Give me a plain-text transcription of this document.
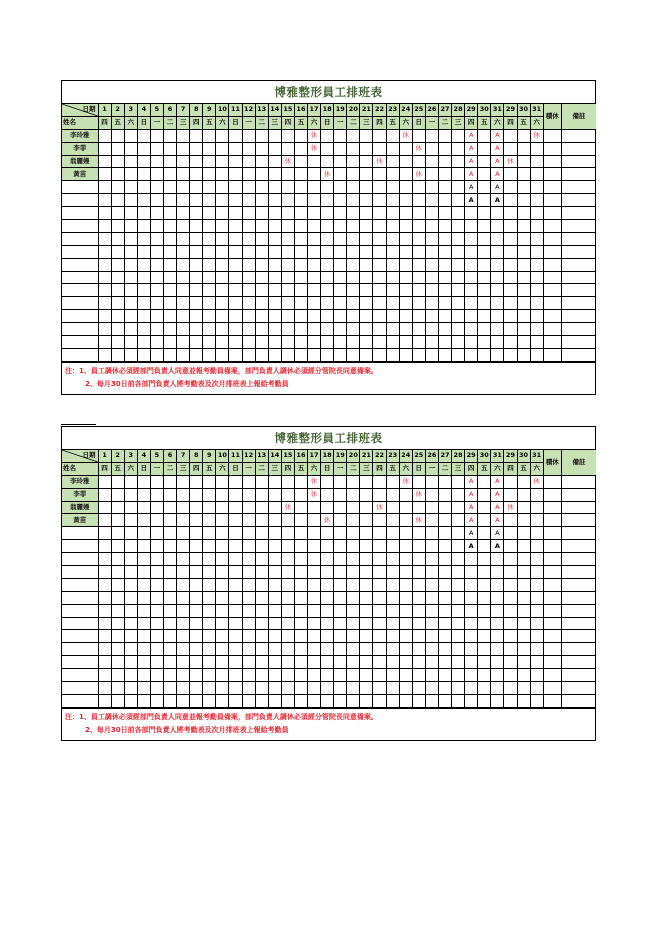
博雅整形員工排班表
日期	1	2	3	4	5	6	7	8	9	10	11	12	13	14	15	16	17	18	19	20	21	22	23	24	25	26	27	28	29	30	31	29	30	31	積休	備註
姓名	四	五	六	日	一	二	三	四	五	六	日	一	二	三	四	五	六	日	一	二	三	四	五	六	日	一	二	三	四	五	六	四	五	六		
李玲雅																	休							休					A		A			休		
李菲																	休								休				A		A					
翁麗嫚															休							休							A		A	休				
黃苗																		休							休				A		A					
																													A		A					
																													A		A					

注：1、員工調休必須經部門負責人同意並報考勤員備案，部門負責人調休必須經分管院長同意備案。
2、每月30日前各部門負責人將考勤表及次月排班表上報給考勤員
博雅整形員工排班表
日期	1	2	3	4	5	6	7	8	9	10	11	12	13	14	15	16	17	18	19	20	21	22	23	24	25	26	27	28	29	30	31	29	30	31	積休	備註
姓名	四	五	六	日	一	二	三	四	五	六	日	一	二	三	四	五	六	日	一	二	三	四	五	六	日	一	二	三	四	五	六	四	五	六		
李玲雅																	休							休					A		A			休		
李菲																	休								休				A		A					
翁麗嫚															休							休							A		A	休				
黃苗																		休							休				A		A					
																													A		A					
																													A		A					

注：1、員工調休必須經部門負責人同意並報考勤員備案，部門負責人調休必須經分管院長同意備案。
2、每月30日前各部門負責人將考勤表及次月排班表上報給考勤員
